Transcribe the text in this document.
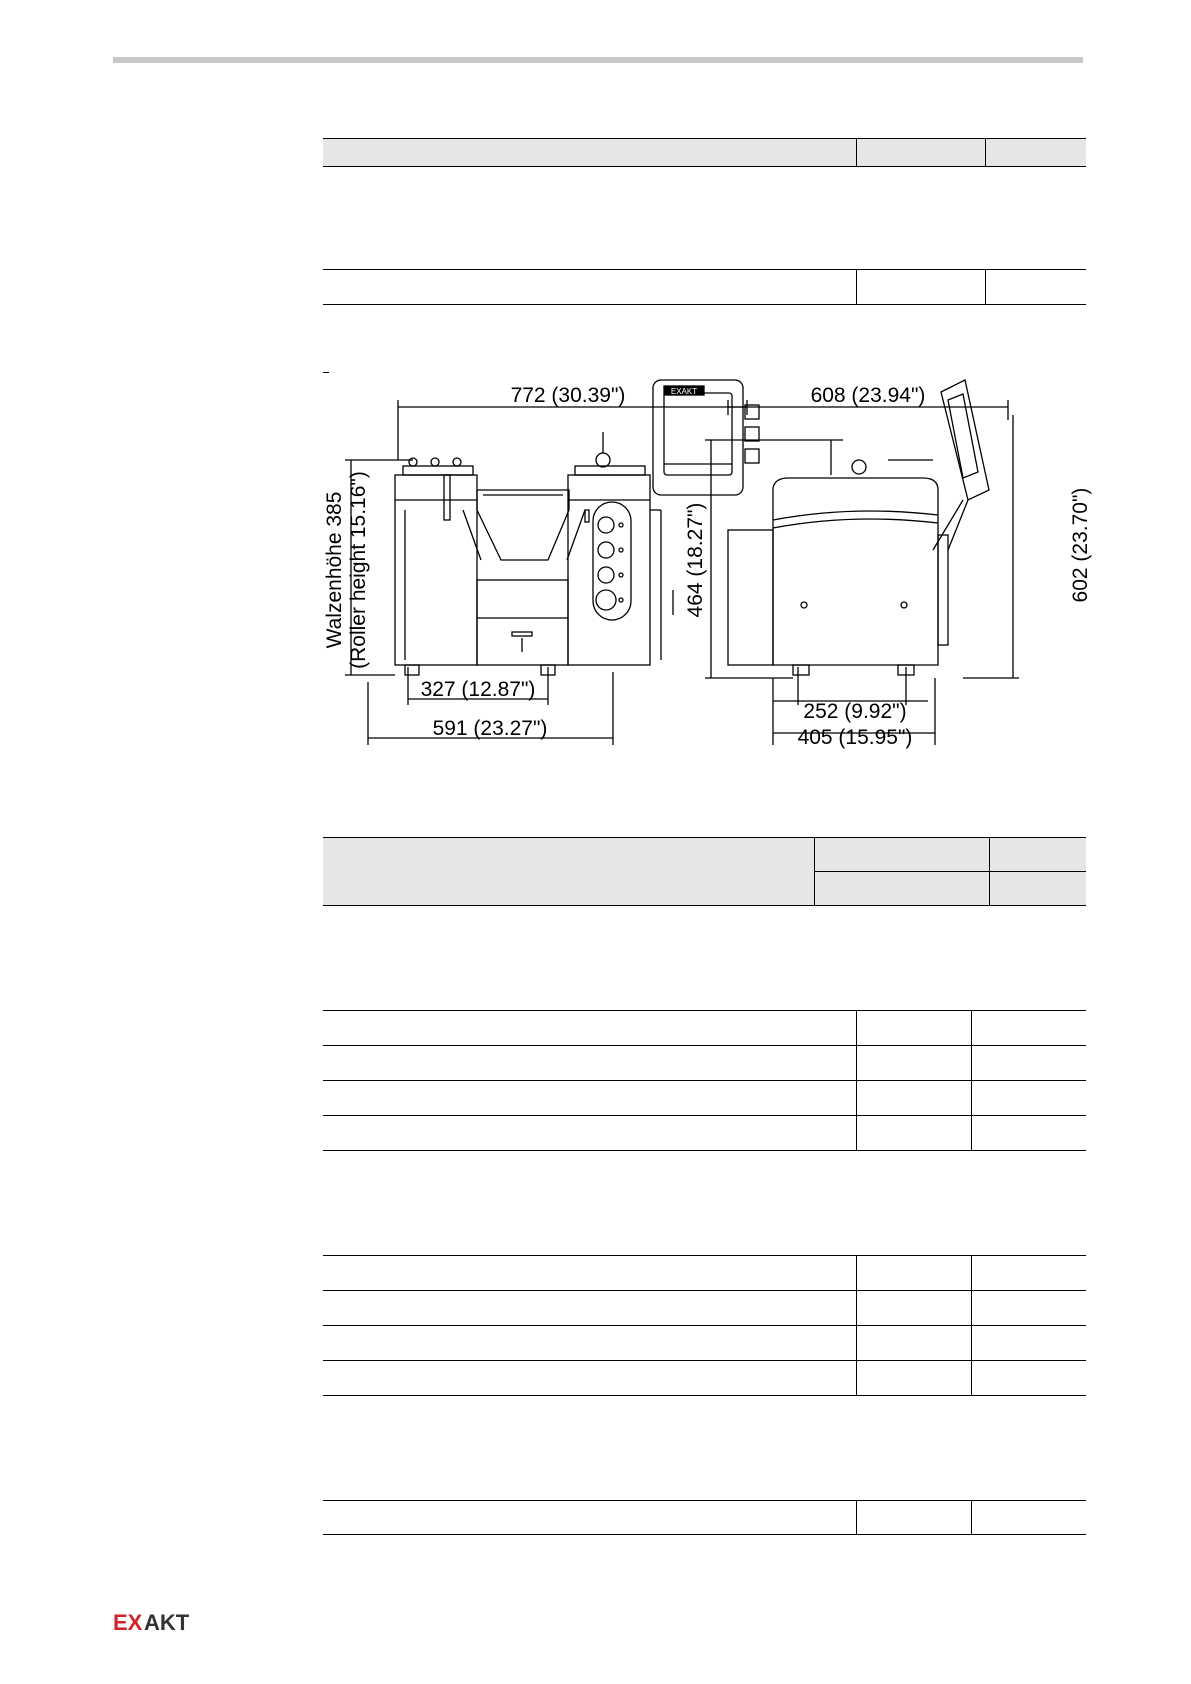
EXAKT
772 (30.39")
Walzenhöhe 385 (Roller height 15.16")
327 (12.87")
591 (23.27")
608 (23.94")
464 (18.27")	602 (23.70")
252 (9.92")
405 (15.95")

EX AKT
